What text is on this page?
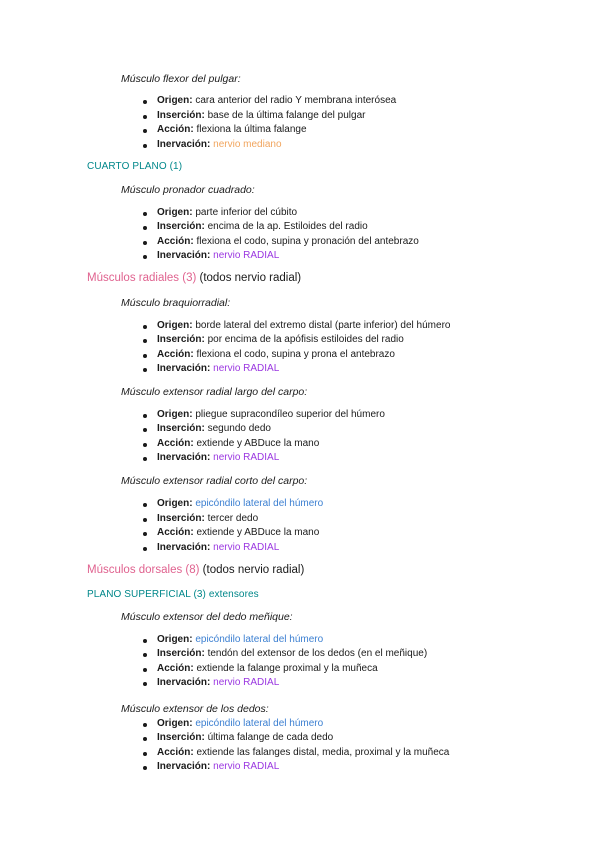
Músculo flexor del pulgar:
Origen: cara anterior del radio Y membrana interósea
Inserción: base de la última falange del pulgar
Acción: flexiona la última falange
Inervación: nervio mediano
CUARTO PLANO (1)
Músculo pronador cuadrado:
Origen: parte inferior del cúbito
Inserción: encima de la ap. Estiloides del radio
Acción: flexiona el codo, supina y pronación del antebrazo
Inervación: nervio RADIAL
Músculos radiales (3) (todos nervio radial)
Músculo braquiorradial:
Origen: borde lateral del extremo distal (parte inferior) del húmero
Inserción: por encima de la apófisis estiloides del radio
Acción: flexiona el codo, supina y prona el antebrazo
Inervación: nervio RADIAL
Músculo extensor radial largo del carpo:
Origen: pliegue supracondíleo superior del húmero
Inserción: segundo dedo
Acción: extiende y ABDuce la mano
Inervación: nervio RADIAL
Músculo extensor radial corto del carpo:
Origen: epicóndilo lateral del húmero
Inserción: tercer dedo
Acción: extiende y ABDuce la mano
Inervación: nervio RADIAL
Músculos dorsales (8) (todos nervio radial)
PLANO SUPERFICIAL (3) extensores
Músculo extensor del dedo meñique:
Origen: epicóndilo lateral del húmero
Inserción: tendón del extensor de los dedos (en el meñique)
Acción: extiende la falange proximal y la muñeca
Inervación: nervio RADIAL
Músculo extensor de los dedos:
Origen: epicóndilo lateral del húmero
Inserción: última falange de cada dedo
Acción: extiende las falanges distal, media, proximal y la muñeca
Inervación: nervio RADIAL
